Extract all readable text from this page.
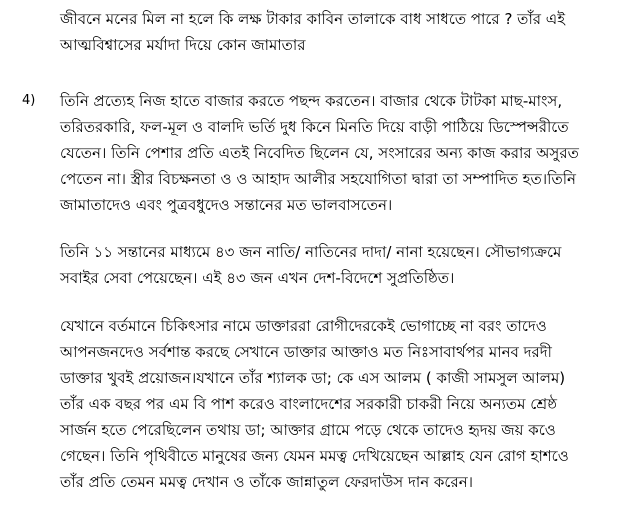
জীবনে মনের মিল না হলে কি লক্ষ টাকার কাবিন তালাকে বাধ সাধতে পারে ? তাঁর এই
আত্মবিশ্বাসের মর্যাদা দিয়ে কোন জামাতার
4) তিনি প্রত্যেহ নিজ হাতে বাজার করতে পছন্দ করতেন। বাজার থেকে টাটকা মাছ-মাংস,
তরিতরকারি, ফল-মূল ও বালদি ভর্তি দুধ কিনে মিনতি দিয়ে বাড়ী পাঠিয়ে ডিস্পেন্সরীতে
যেতেন। তিনি পেশার প্রতি এতই নিবেদিত ছিলেন যে, সংসারের অন্য কাজ করার অসুরত
পেতেন না। স্ত্রীর বিচক্ষনতা ও ও আহাদ আলীর সহযোগিতা দ্বারা তা সম্পাদিত হত।তিনি
জামাতাদেও এবং পুত্রবধুদেও সন্তানের মত ভালবাসতেন।
তিনি ১১ সন্তানের মাধ্যমে ৪৩ জন নাতি/ নাতিনের দাদা/ নানা হয়েছেন। সৌভাগ্যক্রমে
সবাইর সেবা পেয়েছেন। এই ৪৩ জন এখন দেশ-বিদেশে সুপ্রতিষ্ঠিত।
যেখানে বর্তমানে চিকিৎসার নামে ডাক্তাররা রোগীদেরকেই ভোগাচ্ছে না বরং তাদেও
আপনজনদেও সর্বশান্ত করছে সেখানে ডাক্তার আক্তাও মত নিঃসাবার্থপর মানব দরদী
ডাক্তার খুবই প্রয়োজন।যখানে তাঁর শ্যালক ডা; কে এস আলম ( কাজী সামসুল আলম)
তাঁর এক বছর পর এম বি পাশ করেও বাংলাদেশের সরকারী চাকরী নিয়ে অন্যতম শ্রেষ্ঠ
সার্জন হতে পেরেছিলেন তথায় ডা; আক্তার গ্রামে পড়ে থেকে তাদেও হৃদয় জয় কওে
গেছেন। তিনি পৃথিবীতে মানুষের জন্য যেমন মমত্ব দেখিয়েছেন আল্লাহ যেন রোগ হাশওে
তাঁর প্রতি তেমন মমত্ব দেখান ও তাঁকে জান্নাতুল ফেরদাউস দান করেন।
